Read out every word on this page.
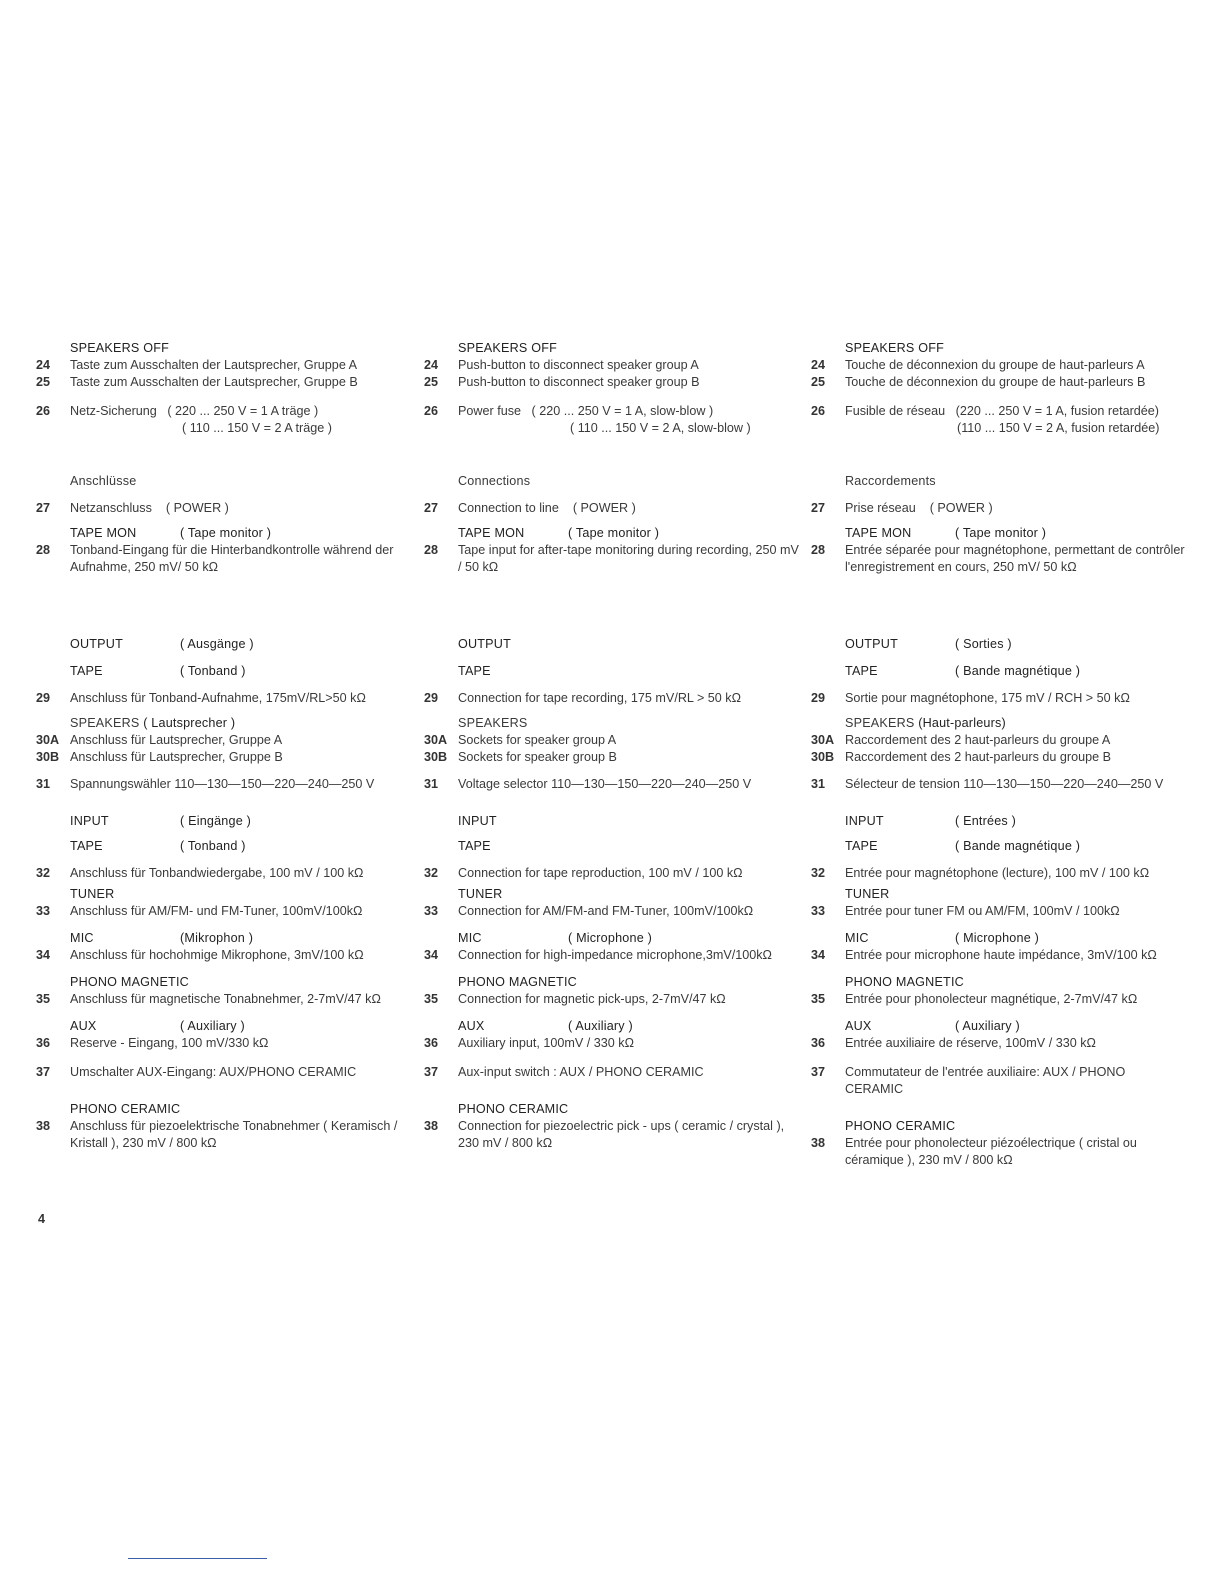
SPEAKERS OFF
24	Taste zum Ausschalten der Lautsprecher, Gruppe A
25	Taste zum Ausschalten der Lautsprecher, Gruppe B
26	Netz-Sicherung ( 220 ... 250 V = 1 A träge )
( 110 ... 150 V = 2 A träge )
Anschlüsse
27	Netzanschluss ( POWER )
TAPE MON	( Tape monitor )
28	Tonband-Eingang für die Hinterbandkontrolle während der Aufnahme, 250 mV/ 50 kΩ
OUTPUT	( Ausgänge )
TAPE	( Tonband )
29	Anschluss für Tonband-Aufnahme, 175mV/RL>50 kΩ
SPEAKERS ( Lautsprecher )
30A Anschluss für Lautsprecher, Gruppe A
30B Anschluss für Lautsprecher, Gruppe B
31	Spannungswähler 110—130—150—220—240—250 V
INPUT	( Eingänge )
TAPE	( Tonband )
32	Anschluss für Tonbandwiedergabe, 100 mV / 100 kΩ
TUNER
33	Anschluss für AM/FM- und FM-Tuner, 100mV/100kΩ
MIC	(Mikrophon )
34	Anschluss für hochohmige Mikrophone, 3mV/100 kΩ
PHONO MAGNETIC
35	Anschluss für magnetische Tonabnehmer, 2-7mV/47 kΩ
AUX	( Auxiliary )
36	Reserve - Eingang, 100 mV/330 kΩ
37	Umschalter AUX-Eingang: AUX/PHONO CERAMIC
PHONO CERAMIC
38	Anschluss für piezoelektrische Tonabnehmer ( Keramisch / Kristall ), 230 mV / 800 kΩ
SPEAKERS OFF
24	Push-button to disconnect speaker group A
25	Push-button to disconnect speaker group B
26	Power fuse ( 220 ... 250 V = 1 A, slow-blow )
( 110 ... 150 V = 2 A, slow-blow )
Connections
27	Connection to line ( POWER )
TAPE MON	( Tape monitor )
28	Tape input for after-tape monitoring during recording, 250 mV / 50 kΩ
OUTPUT
TAPE
29	Connection for tape recording, 175 mV/RL > 50 kΩ
SPEAKERS
30A Sockets for speaker group A
30B Sockets for speaker group B
31	Voltage selector 110—130—150—220—240—250 V
INPUT
TAPE
32	Connection for tape reproduction, 100 mV / 100 kΩ
TUNER
33	Connection for AM/FM-and FM-Tuner, 100mV/100kΩ
MIC	( Microphone )
34	Connection for high-impedance microphone,3mV/100kΩ
PHONO MAGNETIC
35	Connection for magnetic pick-ups, 2-7mV/47 kΩ
AUX	( Auxiliary )
36	Auxiliary input, 100mV / 330 kΩ
37	Aux-input switch : AUX / PHONO CERAMIC
PHONO CERAMIC
38	Connection for piezoelectric pick - ups ( ceramic / crystal ), 230 mV / 800 kΩ
SPEAKERS OFF
24	Touche de déconnexion du groupe de haut-parleurs A
25	Touche de déconnexion du groupe de haut-parleurs B
26	Fusible de réseau (220 ... 250 V = 1 A, fusion retardée)
(110 ... 150 V = 2 A, fusion retardée)
Raccordements
27	Prise réseau ( POWER )
TAPE MON	( Tape monitor )
28	Entrée séparée pour magnétophone, permettant de contrôler l'enregistrement en cours, 250 mV/ 50 kΩ
OUTPUT	( Sorties )
TAPE	( Bande magnétique )
29	Sortie pour magnétophone, 175 mV / RCH > 50 kΩ
SPEAKERS (Haut-parleurs)
30A Raccordement des 2 haut-parleurs du groupe A
30B Raccordement des 2 haut-parleurs du groupe B
31	Sélecteur de tension 110—130—150—220—240—250 V
INPUT	( Entrées )
TAPE	( Bande magnétique )
32	Entrée pour magnétophone (lecture), 100 mV / 100 kΩ
TUNER
33	Entrée pour tuner FM ou AM/FM, 100mV / 100kΩ
MIC	( Microphone )
34	Entrée pour microphone haute impédance, 3mV/100 kΩ
PHONO MAGNETIC
35	Entrée pour phonolecteur magnétique, 2-7mV/47 kΩ
AUX	( Auxiliary )
36	Entrée auxiliaire de réserve, 100mV / 330 kΩ
37	Commutateur de l'entrée auxiliaire: AUX / PHONO CERAMIC
PHONO CERAMIC
38	Entrée pour phonolecteur piézoélectrique ( cristal ou céramique ), 230 mV / 800 kΩ
4
